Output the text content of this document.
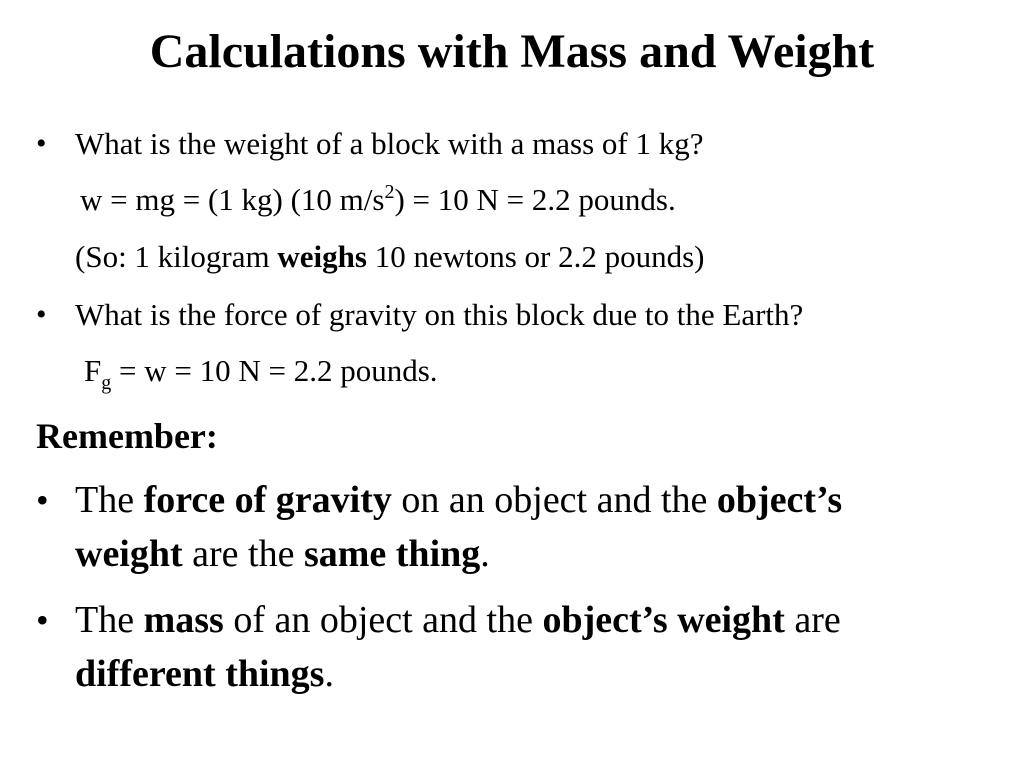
Calculations with Mass and Weight
• What is the weight of a block with a mass of 1 kg?
w = mg = (1 kg) (10 $m/s^2) = 10$ N = 2.2 pounds.
(So: 1 kilogram weighs 10 newtons or 2.2 pounds)
• What is the force of gravity on this block due to the Earth?
$F_g = w = 10$ N = 2.2 pounds.
Remember:
• The force of gravity on an object and the object’s
weight are the same thing.
• The mass of an object and the object’s weight are
different things.
